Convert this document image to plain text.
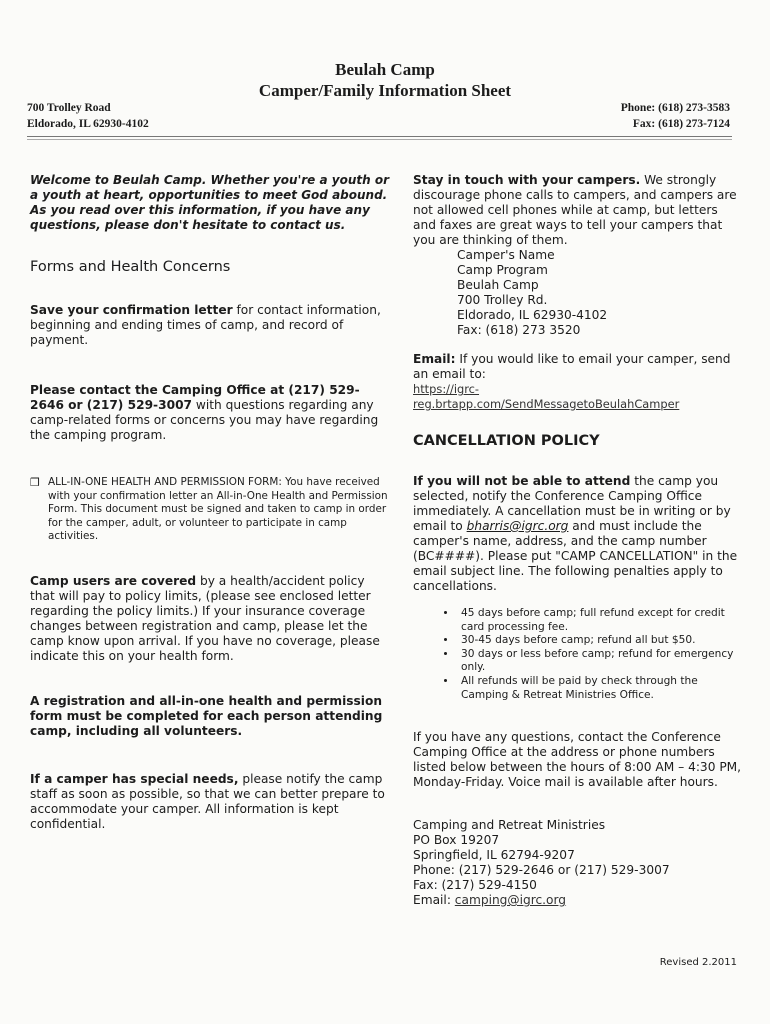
Beulah Camp
Camper/Family Information Sheet
700 Trolley Road
Eldorado, IL 62930-4102
Phone: (618) 273-3583
Fax: (618) 273-7124

Welcome to Beulah Camp. Whether you're a youth or a youth at heart, opportunities to meet God abound. As you read over this information, if you have any questions, please don't hesitate to contact us.

Forms and Health Concerns

Save your confirmation letter for contact information, beginning and ending times of camp, and record of payment.

Please contact the Camping Office at (217) 529-2646 or (217) 529-3007 with questions regarding any camp-related forms or concerns you may have regarding the camping program.

❒ ALL-IN-ONE HEALTH AND PERMISSION FORM: You have received with your confirmation letter an All-in-One Health and Permission Form. This document must be signed and taken to camp in order for the camper, adult, or volunteer to participate in camp activities.

Camp users are covered by a health/accident policy that will pay to policy limits, (please see enclosed letter regarding the policy limits.) If your insurance coverage changes between registration and camp, please let the camp know upon arrival. If you have no coverage, please indicate this on your health form.

A registration and all-in-one health and permission form must be completed for each person attending camp, including all volunteers.

If a camper has special needs, please notify the camp staff as soon as possible, so that we can better prepare to accommodate your camper. All information is kept confidential.

Stay in touch with your campers. We strongly discourage phone calls to campers, and campers are not allowed cell phones while at camp, but letters and faxes are great ways to tell your campers that you are thinking of them.

Camper's Name
Camp Program
Beulah Camp
700 Trolley Rd.
Eldorado, IL 62930-4102
Fax: (618) 273 3520

Email: If you would like to email your camper, send an email to:

https://igrc-reg.brtapp.com/SendMessagetoBeulahCamper

CANCELLATION POLICY

If you will not be able to attend the camp you selected, notify the Conference Camping Office immediately. A cancellation must be in writing or by email to bharris@igrc.org and must include the camper's name, address, and the camp number (BC####). Please put "CAMP CANCELLATION" in the email subject line. The following penalties apply to cancellations.

• 45 days before camp; full refund except for credit card processing fee.
• 30-45 days before camp; refund all but $50.
• 30 days or less before camp; refund for emergency only.
• All refunds will be paid by check through the Camping & Retreat Ministries Office.

If you have any questions, contact the Conference Camping Office at the address or phone numbers listed below between the hours of 8:00 AM – 4:30 PM, Monday-Friday. Voice mail is available after hours.

Camping and Retreat Ministries
PO Box 19207
Springfield, IL 62794-9207
Phone: (217) 529-2646 or (217) 529-3007
Fax: (217) 529-4150
Email: camping@igrc.org
Revised 2.2011
